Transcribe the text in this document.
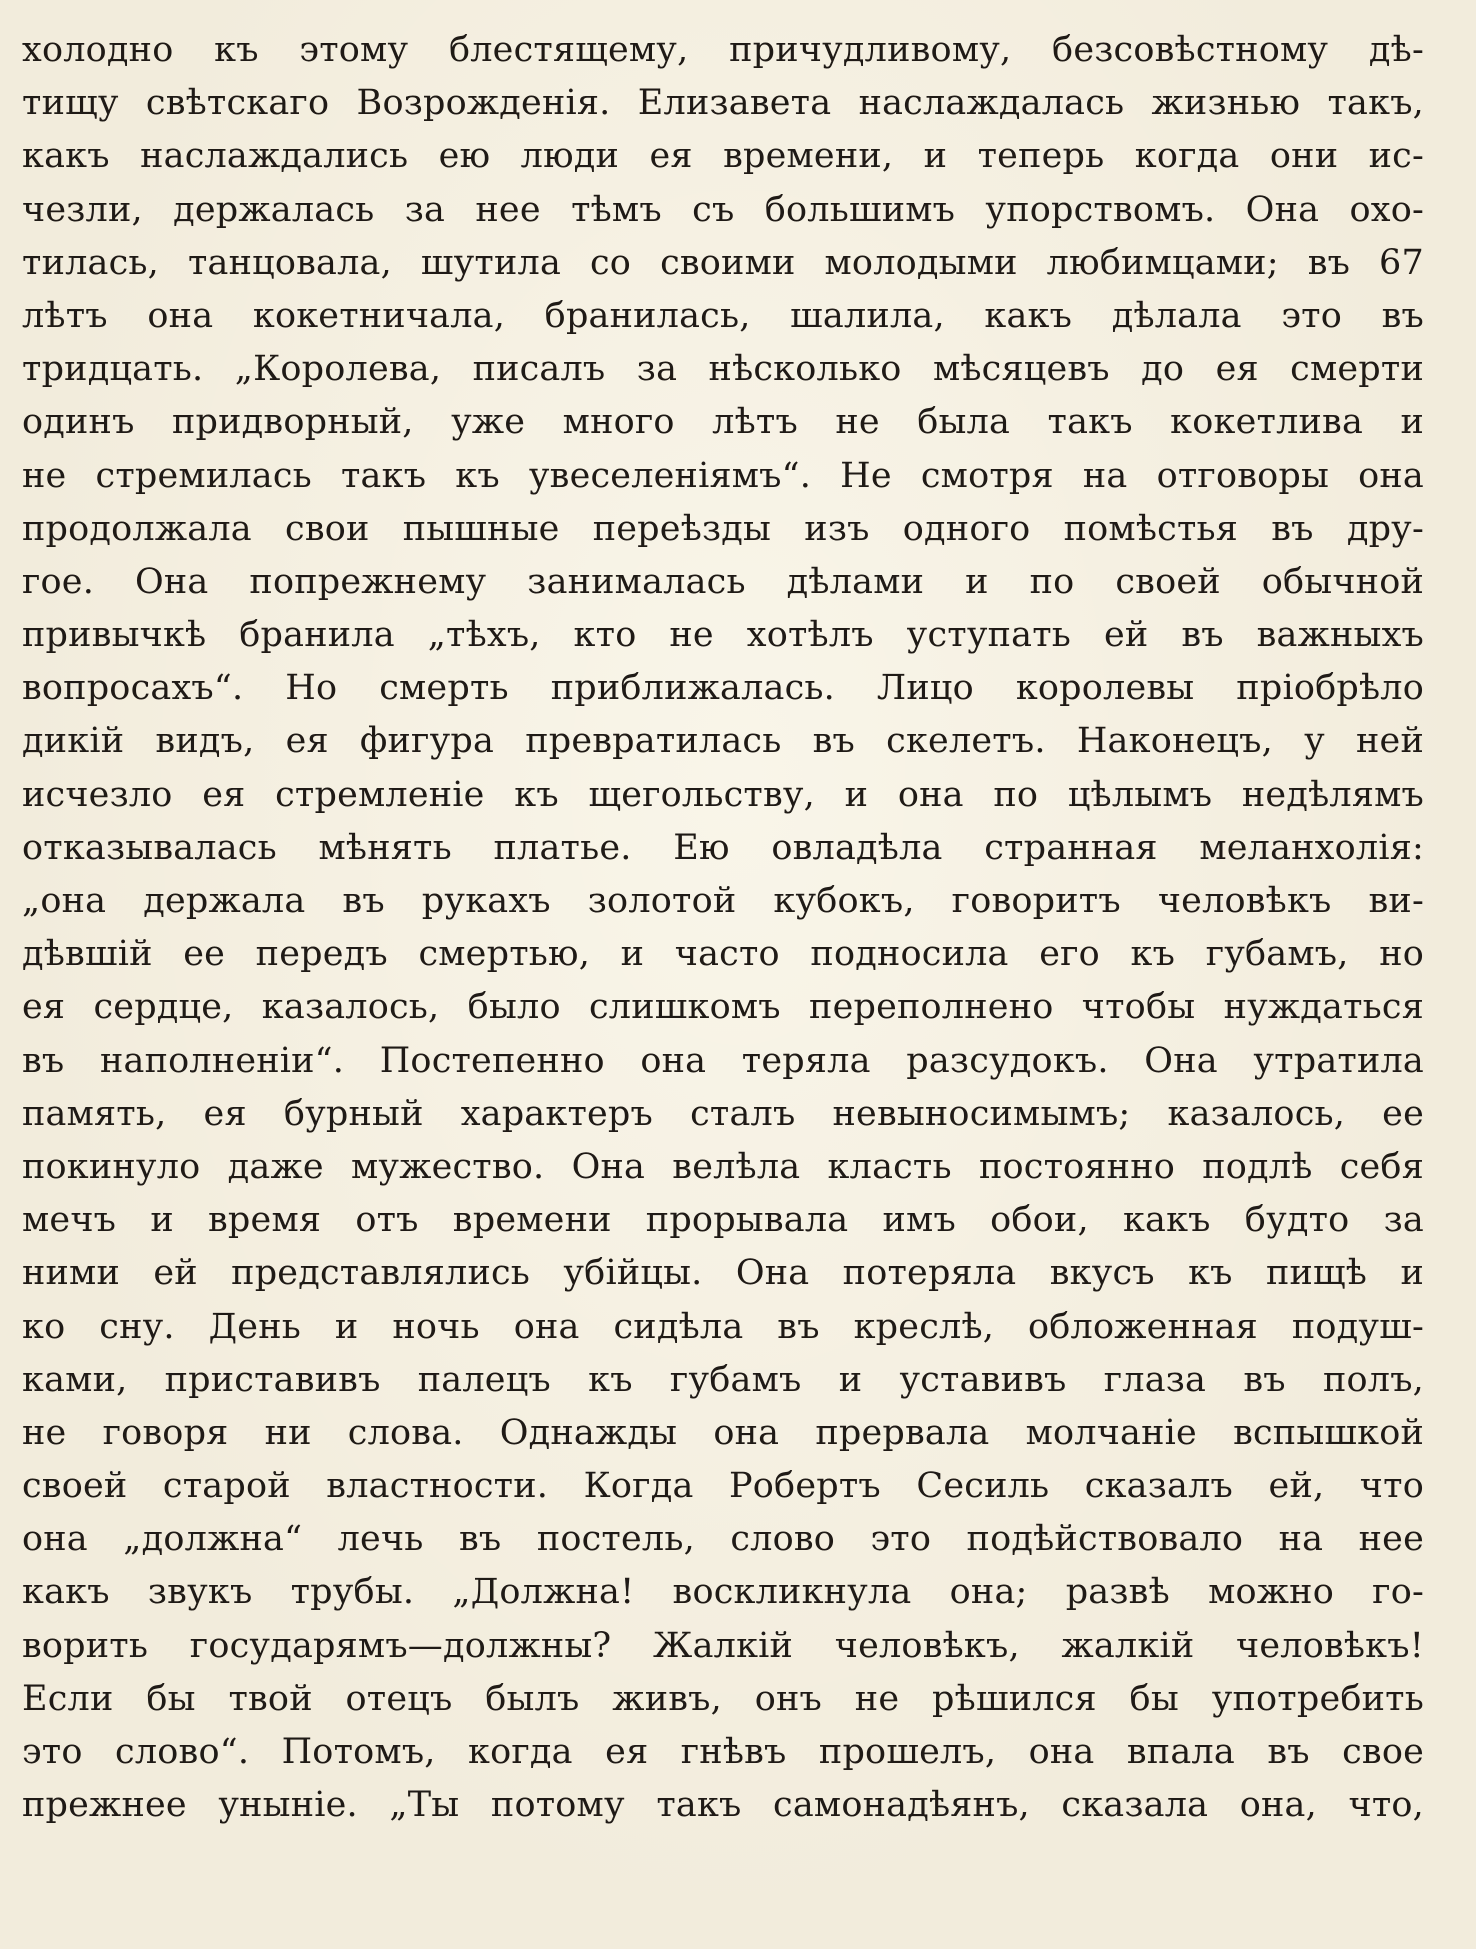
холодно къ этому блестящему, причудливому, безсовѣстному дѣ-
тищу свѣтскаго Возрожденія. Елизавета наслаждалась жизнью такъ,
какъ наслаждались ею люди ея времени, и теперь когда они ис-
чезли, держалась за нее тѣмъ съ большимъ упорствомъ. Она охо-
тилась, танцовала, шутила со своими молодыми любимцами; въ 67
лѣтъ она кокетничала, бранилась, шалила, какъ дѣлала это въ
тридцать. „Королева, писалъ за нѣсколько мѣсяцевъ до ея смерти
одинъ придворный, уже много лѣтъ не была такъ кокетлива и
не стремилась такъ къ увеселеніямъ“. Не смотря на отговоры она
продолжала свои пышные переѣзды изъ одного помѣстья въ дру-
гое. Она попрежнему занималась дѣлами и по своей обычной
привычкѣ бранила „тѣхъ, кто не хотѣлъ уступать ей въ важныхъ
вопросахъ“. Но смерть приближалась. Лицо королевы пріобрѣло
дикій видъ, ея фигура превратилась въ скелетъ. Наконецъ, у ней
исчезло ея стремленіе къ щегольству, и она по цѣлымъ недѣлямъ
отказывалась мѣнять платье. Ею овладѣла странная меланхолія:
„она держала въ рукахъ золотой кубокъ, говоритъ человѣкъ ви-
дѣвшій ее передъ смертью, и часто подносила его къ губамъ, но
ея сердце, казалось, было слишкомъ переполнено чтобы нуждаться
въ наполненіи“. Постепенно она теряла разсудокъ. Она утратила
память, ея бурный характеръ сталъ невыносимымъ; казалось, ее
покинуло даже мужество. Она велѣла класть постоянно подлѣ себя
мечъ и время отъ времени прорывала имъ обои, какъ будто за
ними ей представлялись убійцы. Она потеряла вкусъ къ пищѣ и
ко сну. День и ночь она сидѣла въ креслѣ, обложенная подуш-
ками, приставивъ палецъ къ губамъ и уставивъ глаза въ полъ,
не говоря ни слова. Однажды она прервала молчаніе вспышкой
своей старой властности. Когда Робертъ Сесиль сказалъ ей, что
она „должна“ лечь въ постель, слово это подѣйствовало на нее
какъ звукъ трубы. „Должна! воскликнула она; развѣ можно го-
ворить государямъ—должны? Жалкій человѣкъ, жалкій человѣкъ!
Если бы твой отецъ былъ живъ, онъ не рѣшился бы употребить
это слово“. Потомъ, когда ея гнѣвъ прошелъ, она впала въ свое
прежнее уныніе. „Ты потому такъ самонадѣянъ, сказала она, что,
